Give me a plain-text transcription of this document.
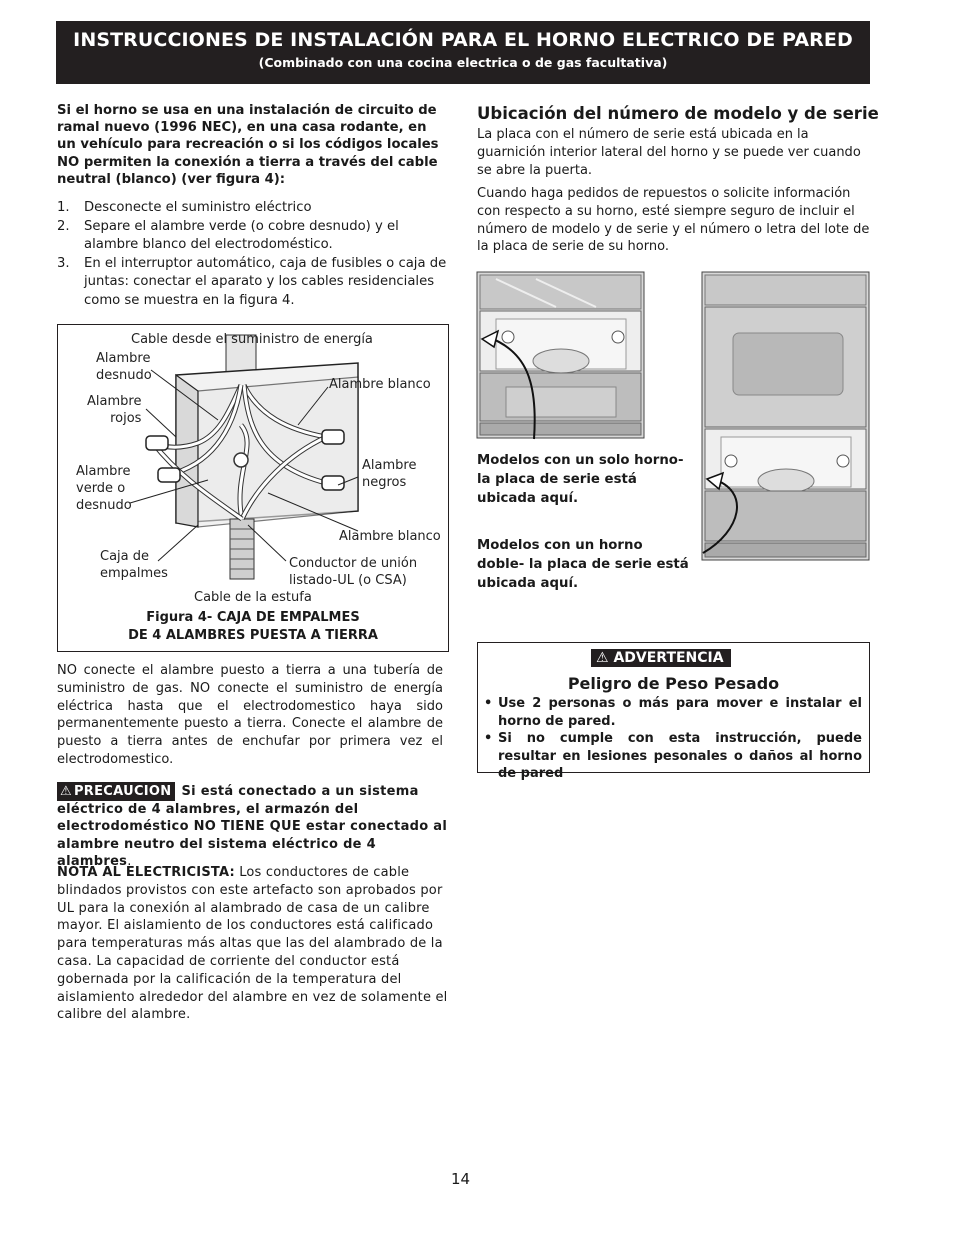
INSTRUCCIONES DE INSTALACIÓN PARA EL HORNO ELECTRICO DE PARED
(Combinado con una cocina electrica o de gas facultativa)
Si el horno se usa en una instalación de circuito de ramal nuevo (1996 NEC), en una casa rodante, en un vehículo para recreación o si los códigos locales NO permiten la conexión a tierra a través del cable neutral (blanco) (ver figura 4):
1. Desconecte el suministro eléctrico
2. Separe el alambre verde (o cobre desnudo) y el alambre blanco del electrodoméstico.
3. En el interruptor automático, caja de fusibles o caja de juntas: conectar el aparato y los cables residenciales como se muestra en la figura 4.
Cable desde el suministro de energía
Alambre
desnudo
Alambre blanco
Alambre
rojos
Alambre
verde o
desnudo
Alambre
negros
Alambre blanco
Caja de
empalmes
Conductor de unión
listado-UL (o CSA)
Cable de la estufa
Figura 4- CAJA DE EMPALMES
DE 4 ALAMBRES PUESTA A TIERRA
NO conecte el alambre puesto a tierra a una tubería de suministro de gas. NO conecte el suministro de energía eléctrica hasta que el electrodomestico haya sido permanentemente puesto a tierra. Conecte el alambre de puesto a tierra antes de enchufar por primera vez el electrodomestico.
⚠ PRECAUCION Si está conectado a un sistema eléctrico de 4 alambres, el armazón del electrodoméstico NO TIENE QUE estar conectado al alambre neutro del sistema eléctrico de 4 alambres.
NOTA AL ELECTRICISTA: Los conductores de cable blindados provistos con este artefacto son aprobados por UL para la conexión al alambrado de casa de un calibre mayor. El aislamiento de los conductores está calificado para temperaturas más altas que las del alambrado de la casa. La capacidad de corriente del conductor está gobernada por la calificación de la temperatura del aislamiento alrededor del alambre en vez de solamente el calibre del alambre.
Ubicación del número de modelo y de serie
La placa con el número de serie está ubicada en la guarnición interior lateral del horno y se puede ver cuando se abre la puerta.
Cuando haga pedidos de repuestos o solicite información con respecto a su horno, esté siempre seguro de incluir el número de modelo y de serie y el número o letra del lote de la placa de serie de su horno.
Modelos con un solo horno- la placa de serie está ubicada aquí.
Modelos con un horno doble- la placa de serie está ubicada aquí.
⚠ ADVERTENCIA
Peligro de Peso Pesado
• Use 2 personas o más para mover e instalar el horno de pared.
• Si no cumple con esta instrucción, puede resultar en lesiones pesonales o daños al horno de pared
14
